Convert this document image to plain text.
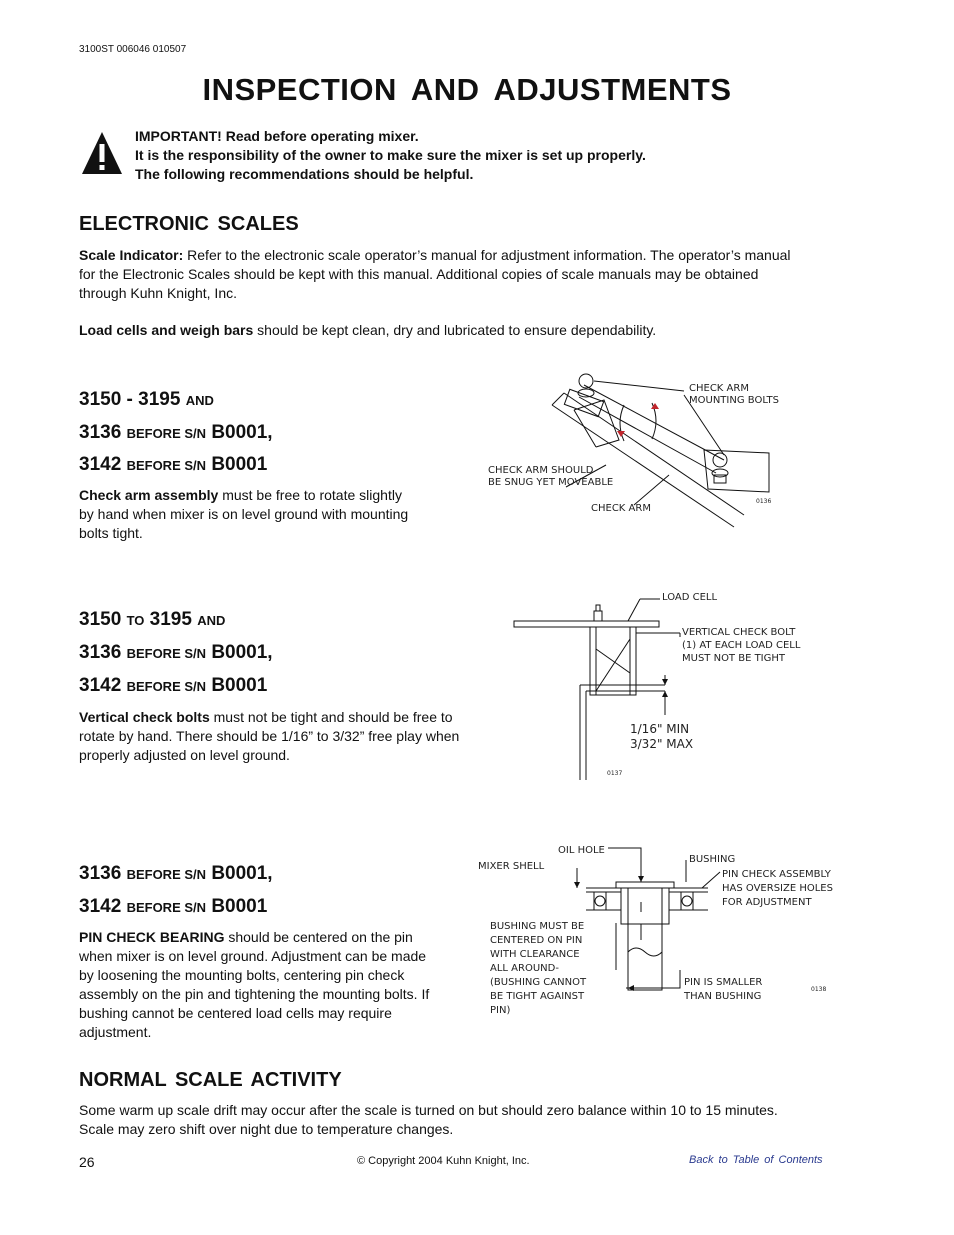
3100ST 006046 010507
INSPECTION AND ADJUSTMENTS
IMPORTANT! Read before operating mixer.
It is the responsibility of the owner to make sure the mixer is set up properly.
The following recommendations should be helpful.
ELECTRONIC SCALES
Scale Indicator: Refer to the electronic scale operator’s manual for adjustment information. The operator’s manual
for the Electronic Scales should be kept with this manual. Additional copies of scale manuals may be obtained
through Kuhn Knight, Inc.
Load cells and weigh bars should be kept clean, dry and lubricated to ensure dependability.
3150 - 3195 AND
3136 BEFORE S/N B0001,
3142 BEFORE S/N B0001
Check arm assembly must be free to rotate slightly
by hand when mixer is on level ground with mounting
bolts tight.
CHECK ARM
MOUNTING BOLTS
CHECK ARM SHOULD
BE SNUG YET MOVEABLE
CHECK ARM
0136
3150 TO 3195 AND
3136 BEFORE S/N B0001,
3142 BEFORE S/N B0001
Vertical check bolts must not be tight and should be free to
rotate by hand. There should be 1/16” to 3/32” free play when
properly adjusted on level ground.
LOAD CELL
VERTICAL CHECK BOLT
(1) AT EACH LOAD CELL
MUST NOT BE TIGHT
1/16" MIN
3/32" MAX
0137
3136 BEFORE S/N B0001,
3142 BEFORE S/N B0001
PIN CHECK BEARING should be centered on the pin
when mixer is on level ground. Adjustment can be made
by loosening the mounting bolts, centering pin check
assembly on the pin and tightening the mounting bolts. If
bushing cannot be centered load cells may require
adjustment.
OIL HOLE
MIXER SHELL
BUSHING
PIN CHECK ASSEMBLY
HAS OVERSIZE HOLES
FOR ADJUSTMENT
BUSHING MUST BE
CENTERED ON PIN
WITH CLEARANCE
ALL AROUND-
(BUSHING CANNOT
BE TIGHT AGAINST
PIN)
PIN IS SMALLER
THAN BUSHING
0138
NORMAL SCALE ACTIVITY
Some warm up scale drift may occur after the scale is turned on but should zero balance within 10 to 15 minutes.
Scale may zero shift over night due to temperature changes.
26	© Copyright 2004 Kuhn Knight, Inc.	Back to Table of Contents
